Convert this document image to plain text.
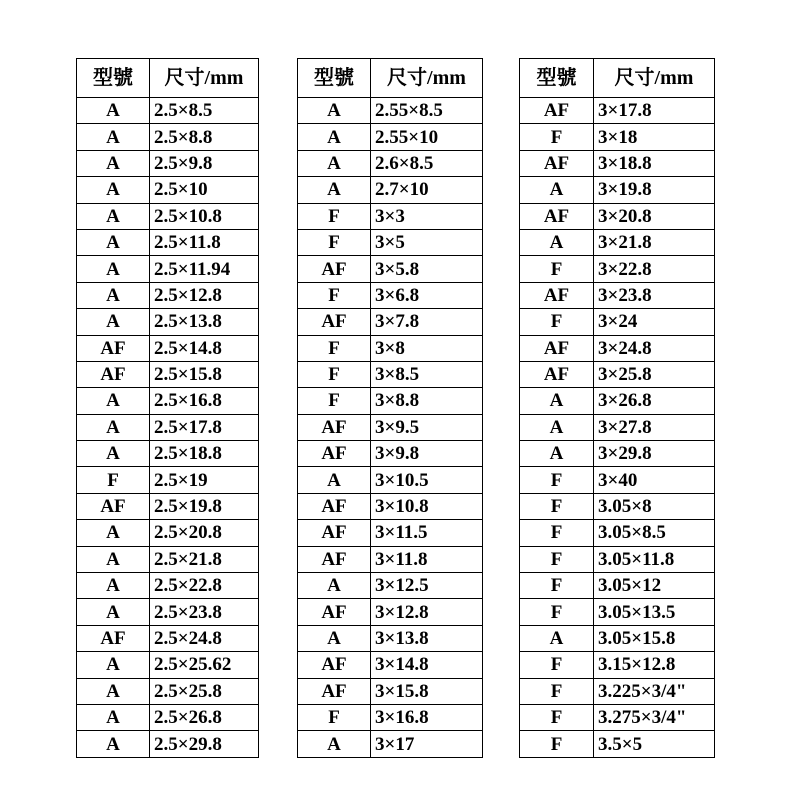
型號	尺寸/mm
A	2.5×8.5
A	2.5×8.8
A	2.5×9.8
A	2.5×10
A	2.5×10.8
A	2.5×11.8
A	2.5×11.94
A	2.5×12.8
A	2.5×13.8
AF	2.5×14.8
AF	2.5×15.8
A	2.5×16.8
A	2.5×17.8
A	2.5×18.8
F	2.5×19
AF	2.5×19.8
A	2.5×20.8
A	2.5×21.8
A	2.5×22.8
A	2.5×23.8
AF	2.5×24.8
A	2.5×25.62
A	2.5×25.8
A	2.5×26.8
A	2.5×29.8
型號	尺寸/mm
A	2.55×8.5
A	2.55×10
A	2.6×8.5
A	2.7×10
F	3×3
F	3×5
AF	3×5.8
F	3×6.8
AF	3×7.8
F	3×8
F	3×8.5
F	3×8.8
AF	3×9.5
AF	3×9.8
A	3×10.5
AF	3×10.8
AF	3×11.5
AF	3×11.8
A	3×12.5
AF	3×12.8
A	3×13.8
AF	3×14.8
AF	3×15.8
F	3×16.8
A	3×17
型號	尺寸/mm
AF	3×17.8
F	3×18
AF	3×18.8
A	3×19.8
AF	3×20.8
A	3×21.8
F	3×22.8
AF	3×23.8
F	3×24
AF	3×24.8
AF	3×25.8
A	3×26.8
A	3×27.8
A	3×29.8
F	3×40
F	3.05×8
F	3.05×8.5
F	3.05×11.8
F	3.05×12
F	3.05×13.5
A	3.05×15.8
F	3.15×12.8
F	3.225×3/4"
F	3.275×3/4"
F	3.5×5
